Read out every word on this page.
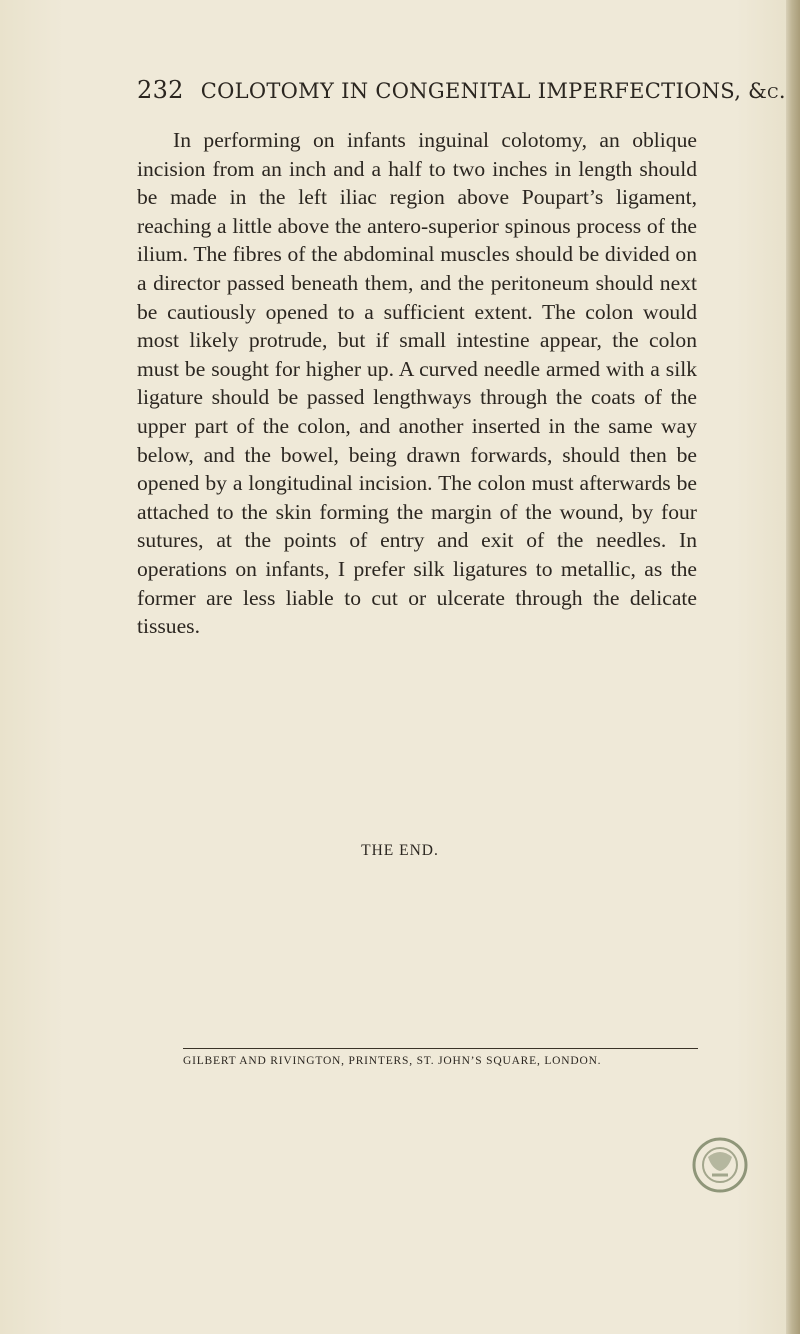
232 COLOTOMY IN CONGENITAL IMPERFECTIONS, &c.

In performing on infants inguinal colotomy, an oblique incision from an inch and a half to two inches in length should be made in the left iliac region above Poupart’s ligament, reaching a little above the antero-superior spinous process of the ilium. The fibres of the abdominal muscles should be divided on a director passed beneath them, and the peritoneum should next be cautiously opened to a sufficient extent. The colon would most likely protrude, but if small intestine appear, the colon must be sought for higher up. A curved needle armed with a silk ligature should be passed lengthways through the coats of the upper part of the colon, and another inserted in the same way below, and the bowel, being drawn forwards, should then be opened by a longitudinal incision. The colon must afterwards be attached to the skin forming the margin of the wound, by four sutures, at the points of entry and exit of the needles. In operations on infants, I prefer silk ligatures to metallic, as the former are less liable to cut or ulcerate through the delicate tissues.

THE END.
GILBERT AND RIVINGTON, PRINTERS, ST. JOHN’S SQUARE, LONDON.
